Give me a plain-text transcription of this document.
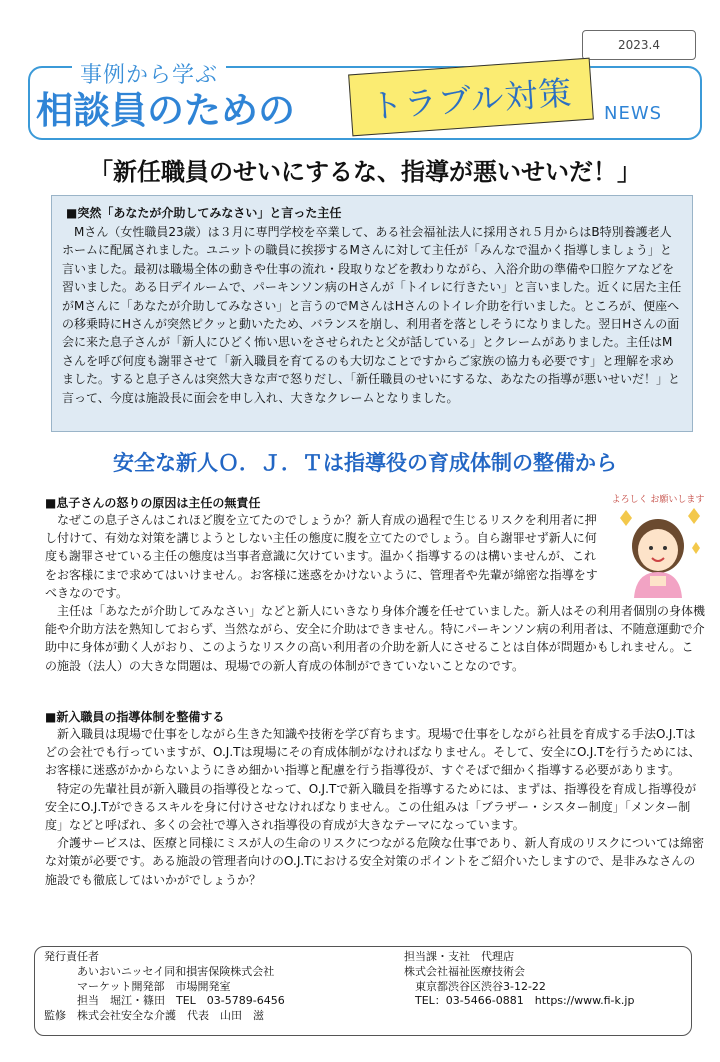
2023.4
事例から学ぶ
相談員のための トラブル対策 NEWS
「新任職員のせいにするな、指導が悪いせいだ！」
■突然「あなたが介助してみなさい」と言った主任
Mさん（女性職員23歳）は３月に専門学校を卒業して、ある社会福祉法人に採用され５月からはB特別養護老人ホームに配属されました。ユニットの職員に挨拶するMさんに対して主任が「みんなで温かく指導しましょう」と言いました。最初は職場全体の動きや仕事の流れ・段取りなどを教わりながら、入浴介助の準備や口腔ケアなどを習いました。ある日デイルームで、パーキンソン病のHさんが「トイレに行きたい」と言いました。近くに居た主任がMさんに「あなたが介助してみなさい」と言うのでMさんはHさんのトイレ介助を行いました。ところが、便座への移乗時にHさんが突然ピクッと動いたため、バランスを崩し、利用者を落としそうになりました。翌日Hさんの面会に来た息子さんが「新人にひどく怖い思いをさせられたと父が話している」とクレームがありました。主任はMさんを呼び何度も謝罪させて「新入職員を育てるのも大切なことですからご家族の協力も必要です」と理解を求めました。すると息子さんは突然大きな声で怒りだし、「新任職員のせいにするな、あなたの指導が悪いせいだ！」と言って、今度は施設長に面会を申し入れ、大きなクレームとなりました。
安全な新人Ｏ．Ｊ．Ｔは指導役の育成体制の整備から
■息子さんの怒りの原因は主任の無責任

なぜこの息子さんはこれほど腹を立てたのでしょうか？新人育成の過程で生じるリスクを利用者に押し付けて、有効な対策を講じようとしない主任の態度に腹を立てたのでしょう。自ら謝罪せず新人に何度も謝罪させている主任の態度は当事者意識に欠けています。温かく指導するのは構いませんが、これをお客様にまで求めてはいけません。お客様に迷惑をかけないように、管理者や先輩が綿密な指導をすべきなのです。

主任は「あなたが介助してみなさい」などと新人にいきなり身体介護を任せていました。新人はその利用者個別の身体機能や介助方法を熟知しておらず、当然ながら、安全に介助はできません。特にパーキンソン病の利用者は、不随意運動で介助中に身体が動く人がおり、このようなリスクの高い利用者の介助を新人にさせることは自体が問題かもしれません。この施設（法人）の大きな問題は、現場での新人育成の体制ができていないことなのです。

よろしく お願いします
■新入職員の指導体制を整備する

新入職員は現場で仕事をしながら生きた知識や技術を学び育ちます。現場で仕事をしながら社員を育成する手法O.J.Tはどの会社でも行っていますが、O.J.Tは現場にその育成体制がなければなりません。そして、安全にO.J.Tを行うためには、お客様に迷惑がかからないようにきめ細かい指導と配慮を行う指導役が、すぐそばで細かく指導する必要があります。

特定の先輩社員が新入職員の指導役となって、O.J.Tで新入職員を指導するためには、まずは、指導役を育成し指導役が安全にO.J.Tができるスキルを身に付けさせなければなりません。この仕組みは「ブラザー・シスター制度」「メンター制度」などと呼ばれ、多くの会社で導入され指導役の育成が大きなテーマになっています。

介護サービスは、医療と同様にミスが人の生命のリスクにつながる危険な仕事であり、新人育成のリスクについては綿密な対策が必要です。ある施設の管理者向けのO.J.Tにおける安全対策のポイントをご紹介いたしますので、是非みなさんの施設でも徹底してはいかがでしょうか？

発行責任者
　　　あいおいニッセイ同和損害保険株式会社
　　　マーケット開発部　市場開発室
　　　担当　堀江・篠田　TEL　03-5789-6456
監修　株式会社安全な介護　代表　山田　滋
担当課・支社　代理店
株式会社福祉医療技術会
　東京都渋谷区渋谷3-12-22
　TEL：03-5466-0881　https://www.fi-k.jp
